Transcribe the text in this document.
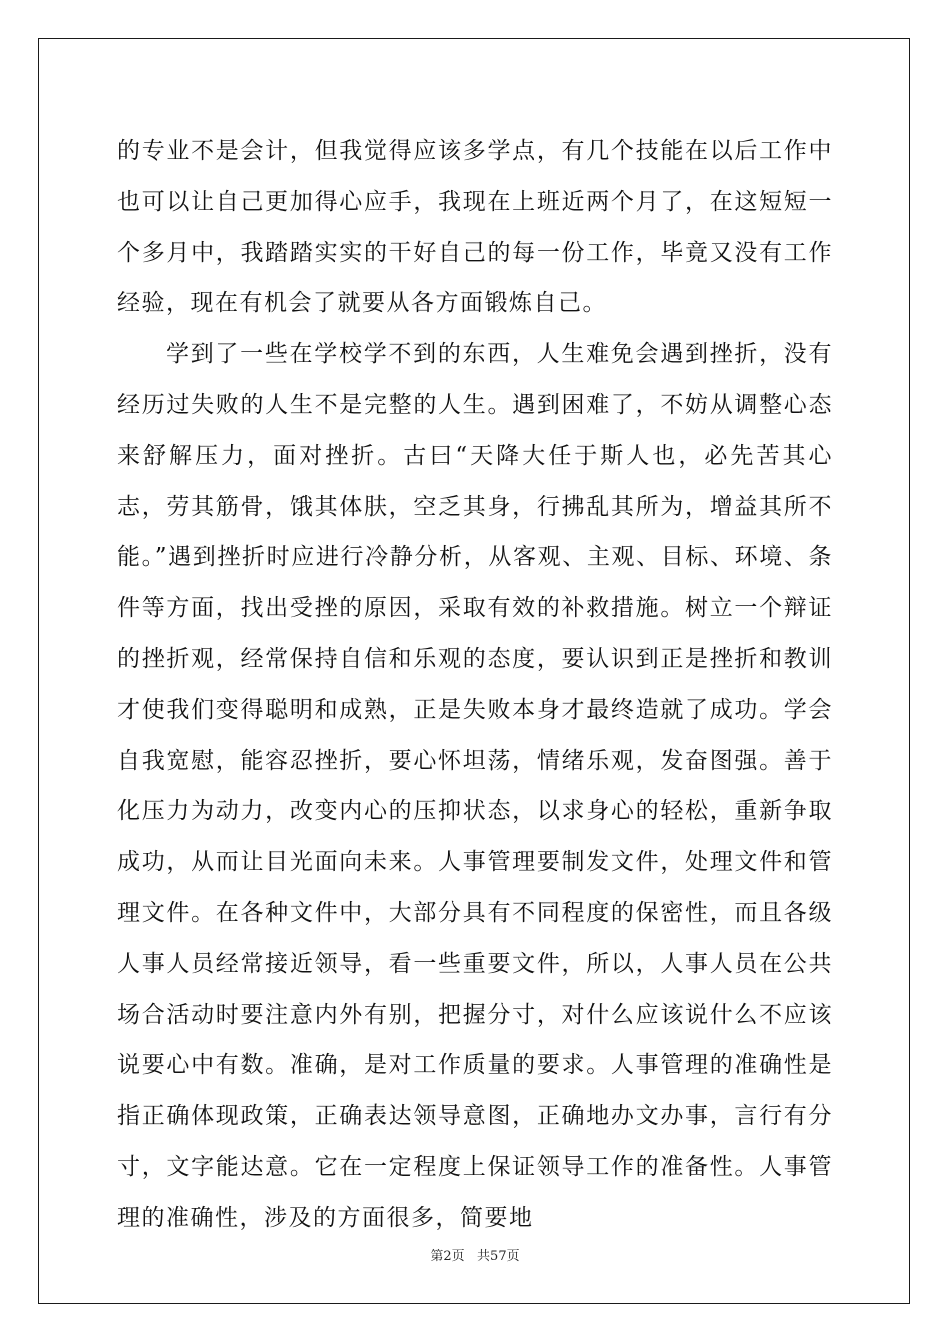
的专业不是会计，但我觉得应该多学点，有几个技能在以后工作中也可以让自己更加得心应手，我现在上班近两个月了，在这短短一个多月中，我踏踏实实的干好自己的每一份工作，毕竟又没有工作经验，现在有机会了就要从各方面锻炼自己。

学到了一些在学校学不到的东西，人生难免会遇到挫折，没有经历过失败的人生不是完整的人生。遇到困难了，不妨从调整心态来舒解压力，面对挫折。古曰“天降大任于斯人也，必先苦其心志，劳其筋骨，饿其体肤，空乏其身，行拂乱其所为，增益其所不能。”遇到挫折时应进行冷静分析，从客观、主观、目标、环境、条件等方面，找出受挫的原因，采取有效的补救措施。树立一个辩证的挫折观，经常保持自信和乐观的态度，要认识到正是挫折和教训才使我们变得聪明和成熟，正是失败本身才最终造就了成功。学会自我宽慰，能容忍挫折，要心怀坦荡，情绪乐观，发奋图强。善于化压力为动力，改变内心的压抑状态，以求身心的轻松，重新争取成功，从而让目光面向未来。人事管理要制发文件，处理文件和管理文件。在各种文件中，大部分具有不同程度的保密性，而且各级人事人员经常接近领导，看一些重要文件，所以，人事人员在公共场合活动时要注意内外有别，把握分寸，对什么应该说什么不应该说要心中有数。准确，是对工作质量的要求。人事管理的准确性是指正确体现政策，正确表达领导意图，正确地办文办事，言行有分寸，文字能达意。它在一定程度上保证领导工作的准备性。人事管理的准确性，涉及的方面很多，简要地

第2页   共57页
